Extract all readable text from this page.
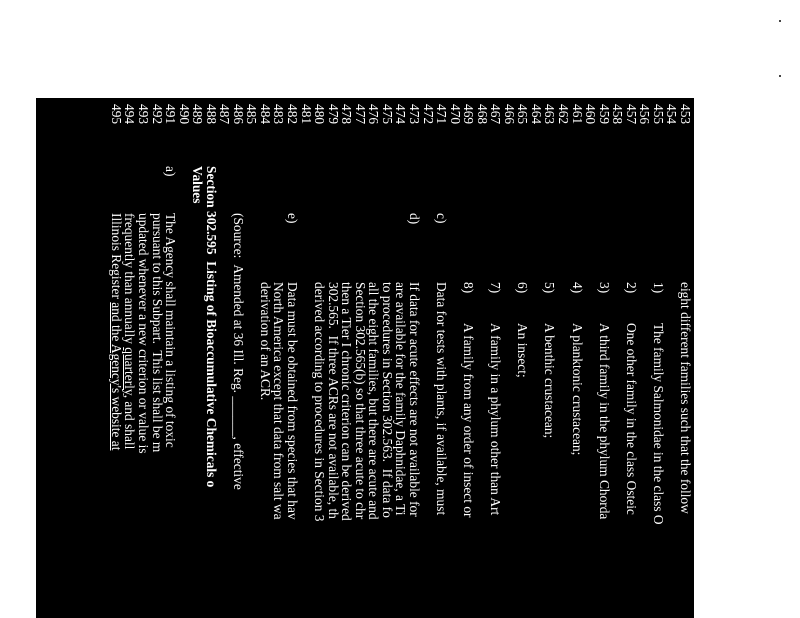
453
eight different families such that the follow
454
455
1)
The family Salmonidae in the class O
456
457
2)
One other family in the class Osteic
458
459
3)
A third family in the phylum Chorda
460
461
4)
A planktonic crustacean;
462
463
5)
A benthic crustacean;
464
465
6)
An insect;
466
467
7)
A family in a phylum other than Art
468
469
8)
A family from any order of insect or
470
471
c)
Data for tests with plants, if available, must
472
473
d)
If data for acute effects are not available for
474
are available for the family Daphnidae, a Ti
475
to procedures in Section 302.563.  If data fo
476
all the eight families, but there are acute and
477
Section 302.565(b) so that three acute to chr
478
then a Tier I chronic criterion can be derived
479
302.565.  If three ACRs are not available, th
480
derived according to procedures in Section 3
481
482
e)
Data must be obtained from species that hav
483
North America except that data from salt wa
484
derivation of an ACR.
485
486
(Source:  Amended at 36 Ill. Reg. ______, effective
487
488
Section 302.595  Listing of Bioaccumulative Chemicals o
489
Values
490
491
a)
The Agency shall maintain a listing of toxic
492
pursuant to this Subpart.  This list shall be m
493
updated whenever a new criterion or value is
494
frequently than annually quarterly, and shall
495
Illinois Register and the Agency's website at
